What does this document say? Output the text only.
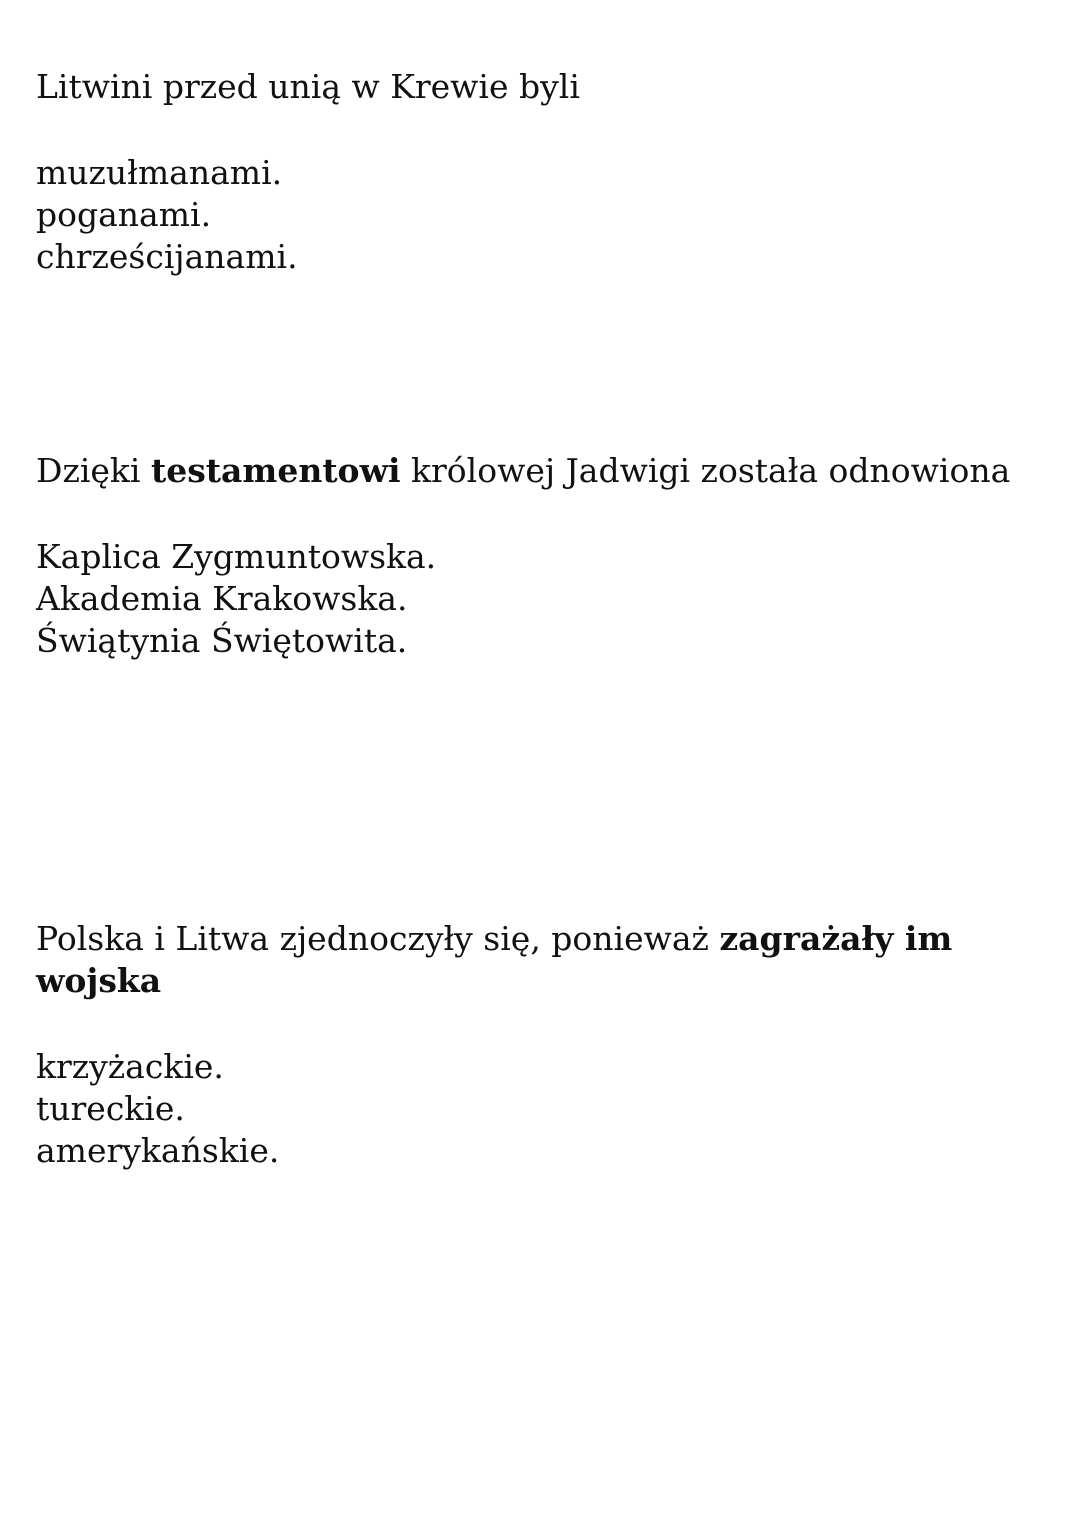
Litwini przed unią w Krewie byli

muzułmanami.
poganami.
chrześcijanami.

Dzięki testamentowi królowej Jadwigi została odnowiona

Kaplica Zygmuntowska.
Akademia Krakowska.
Świątynia Świętowita.

Polska i Litwa zjednoczyły się, ponieważ zagrażały im wojska

krzyżackie.
tureckie.
amerykańskie.
